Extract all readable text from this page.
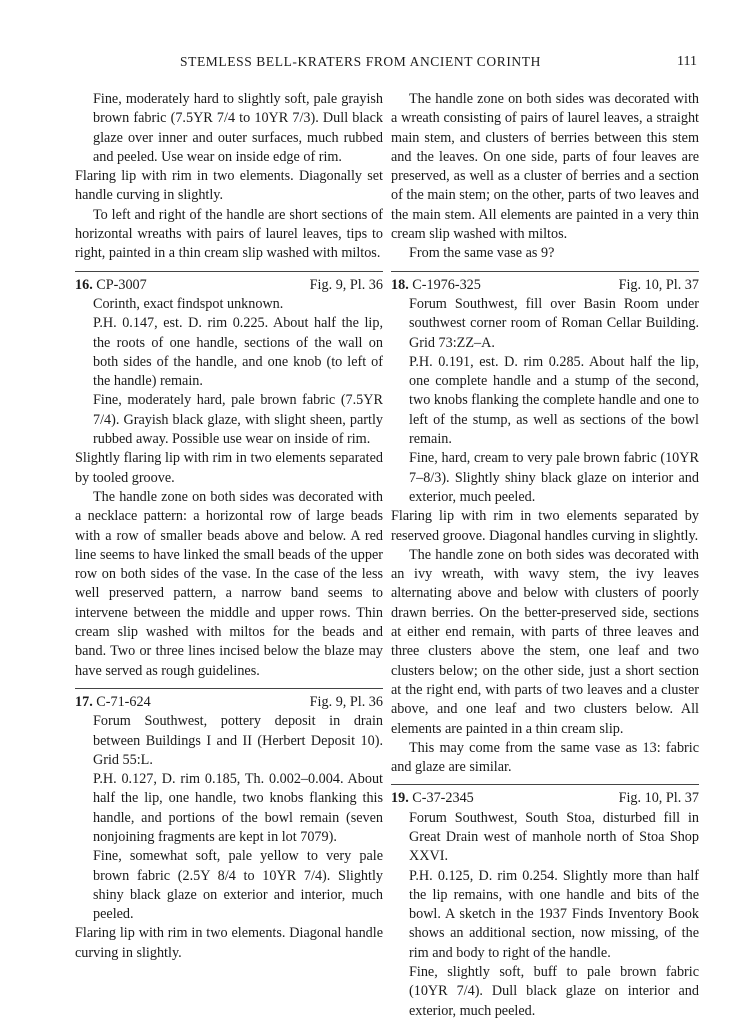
STEMLESS BELL-KRATERS FROM ANCIENT CORINTH	111

Fine, moderately hard to slightly soft, pale grayish brown fabric (7.5YR 7/4 to 10YR 7/3). Dull black glaze over inner and outer surfaces, much rubbed and peeled. Use wear on inside edge of rim.

Flaring lip with rim in two elements. Diagonally set handle curving in slightly.

To left and right of the handle are short sections of horizontal wreaths with pairs of laurel leaves, tips to right, painted in a thin cream slip washed with miltos.

16. CP-3007	Fig. 9, Pl. 36

Corinth, exact findspot unknown.

P.H. 0.147, est. D. rim 0.225. About half the lip, the roots of one handle, sections of the wall on both sides of the handle, and one knob (to left of the handle) remain.

Fine, moderately hard, pale brown fabric (7.5YR 7/4). Grayish black glaze, with slight sheen, partly rubbed away. Possible use wear on inside of rim.

Slightly flaring lip with rim in two elements separated by tooled groove.

The handle zone on both sides was decorated with a necklace pattern: a horizontal row of large beads with a row of smaller beads above and below. A red line seems to have linked the small beads of the upper row on both sides of the vase. In the case of the less well preserved pattern, a narrow band seems to intervene between the middle and upper rows. Thin cream slip washed with miltos for the beads and band. Two or three lines incised below the blaze may have served as rough guidelines.

17. C-71-624	Fig. 9, Pl. 36

Forum Southwest, pottery deposit in drain between Buildings I and II (Herbert Deposit 10). Grid 55:L.

P.H. 0.127, D. rim 0.185, Th. 0.002–0.004. About half the lip, one handle, two knobs flanking this handle, and portions of the bowl remain (seven nonjoining fragments are kept in lot 7079).

Fine, somewhat soft, pale yellow to very pale brown fabric (2.5Y 8/4 to 10YR 7/4). Slightly shiny black glaze on exterior and interior, much peeled.

Flaring lip with rim in two elements. Diagonal handle curving in slightly.

The handle zone on both sides was decorated with a wreath consisting of pairs of laurel leaves, a straight main stem, and clusters of berries between this stem and the leaves. On one side, parts of four leaves are preserved, as well as a cluster of berries and a section of the main stem; on the other, parts of two leaves and the main stem. All elements are painted in a very thin cream slip washed with miltos.

From the same vase as 9?

18. C-1976-325	Fig. 10, Pl. 37

Forum Southwest, fill over Basin Room under southwest corner room of Roman Cellar Building. Grid 73:ZZ–A.

P.H. 0.191, est. D. rim 0.285. About half the lip, one complete handle and a stump of the second, two knobs flanking the complete handle and one to left of the stump, as well as sections of the bowl remain.

Fine, hard, cream to very pale brown fabric (10YR 7–8/3). Slightly shiny black glaze on interior and exterior, much peeled.

Flaring lip with rim in two elements separated by reserved groove. Diagonal handles curving in slightly.

The handle zone on both sides was decorated with an ivy wreath, with wavy stem, the ivy leaves alternating above and below with clusters of poorly drawn berries. On the better-preserved side, sections at either end remain, with parts of three leaves and three clusters above the stem, one leaf and two clusters below; on the other side, just a short section at the right end, with parts of two leaves and a cluster above, and one leaf and two clusters below. All elements are painted in a thin cream slip.

This may come from the same vase as 13: fabric and glaze are similar.

19. C-37-2345	Fig. 10, Pl. 37

Forum Southwest, South Stoa, disturbed fill in Great Drain west of manhole north of Stoa Shop XXVI.

P.H. 0.125, D. rim 0.254. Slightly more than half the lip remains, with one handle and bits of the bowl. A sketch in the 1937 Finds Inventory Book shows an additional section, now missing, of the rim and body to right of the handle.

Fine, slightly soft, buff to pale brown fabric (10YR 7/4). Dull black glaze on interior and exterior, much peeled.
